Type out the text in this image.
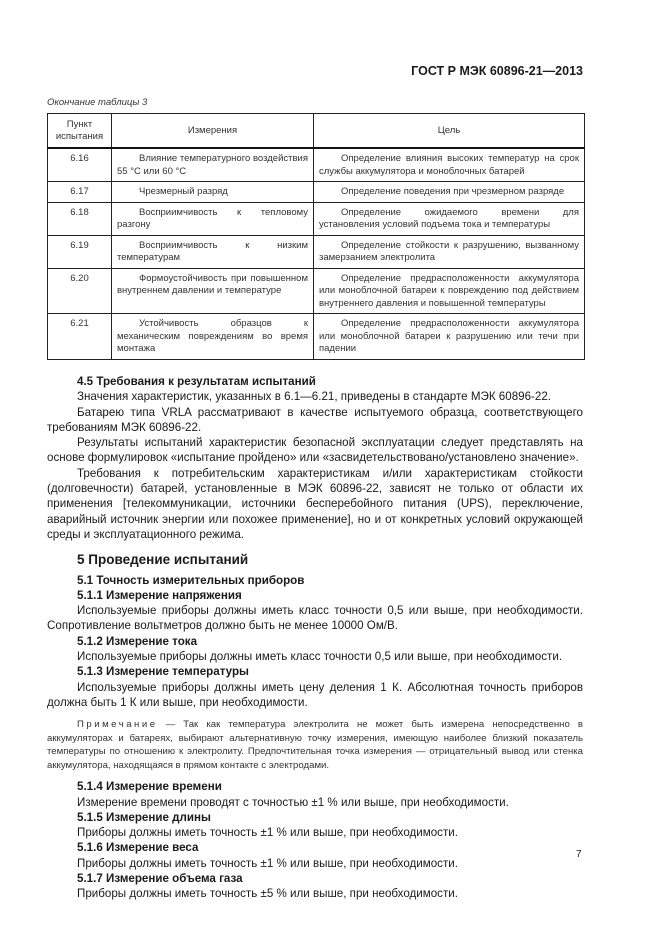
ГОСТ Р МЭК 60896-21—2013
Окончание таблицы 3
Пункт испытания	Измерения	Цель
6.16	Влияние температурного воздействия 55 °С или 60 °С	Определение влияния высоких температур на срок службы аккумулятора и моноблочных батарей
6.17	Чрезмерный разряд	Определение поведения при чрезмерном разряде
6.18	Восприимчивость к тепловому разгону	Определение ожидаемого времени для установления условий подъема тока и температуры
6.19	Восприимчивость к низким температурам	Определение стойкости к разрушению, вызванному замерзанием электролита
6.20	Формоустойчивость при повышенном внутреннем давлении и температуре	Определение предрасположенности аккумулятора или моноблочной батареи к повреждению под действием внутреннего давления и повышенной температуры
6.21	Устойчивость образцов к механическим повреждениям во время монтажа	Определение предрасположенности аккумулятора или моноблочной батареи к разрушению или течи при падении
4.5 Требования к результатам испытаний

Значения характеристик, указанных в 6.1—6.21, приведены в стандарте МЭК 60896-22.

Батарею типа VRLA рассматривают в качестве испытуемого образца, соответствующего требованиям МЭК 60896-22.

Результаты испытаний характеристик безопасной эксплуатации следует представлять на основе формулировок «испытание пройдено» или «засвидетельствовано/установлено значение».

Требования к потребительским характеристикам и/или характеристикам стойкости (долговечности) батарей, установленные в МЭК 60896-22, зависят не только от области их применения [телекоммуникации, источники бесперебойного питания (UPS), переключение, аварийный источник энергии или похожее применение], но и от конкретных условий окружающей среды и эксплуатационного режима.

5 Проведение испытаний
5.1 Точность измерительных приборов
5.1.1 Измерение напряжения

Используемые приборы должны иметь класс точности 0,5 или выше, при необходимости. Сопротивление вольтметров должно быть не менее 10000 Ом/В.

5.1.2 Измерение тока

Используемые приборы должны иметь класс точности 0,5 или выше, при необходимости.

5.1.3 Измерение температуры

Используемые приборы должны иметь цену деления 1 К. Абсолютная точность приборов должна быть 1 К или выше, при необходимости.

Примечание — Так как температура электролита не может быть измерена непосредственно в аккумуляторах и батареях, выбирают альтернативную точку измерения, имеющую наиболее близкий показатель температуры по отношению к электролиту. Предпочтительная точка измерения — отрицательный вывод или стенка аккумулятора, находящаяся в прямом контакте с электродами.
5.1.4 Измерение времени

Измерение времени проводят с точностью ±1 % или выше, при необходимости.

5.1.5 Измерение длины

Приборы должны иметь точность ±1 % или выше, при необходимости.

5.1.6 Измерение веса

Приборы должны иметь точность ±1 % или выше, при необходимости.

5.1.7 Измерение объема газа

Приборы должны иметь точность ±5 % или выше, при необходимости.

7
